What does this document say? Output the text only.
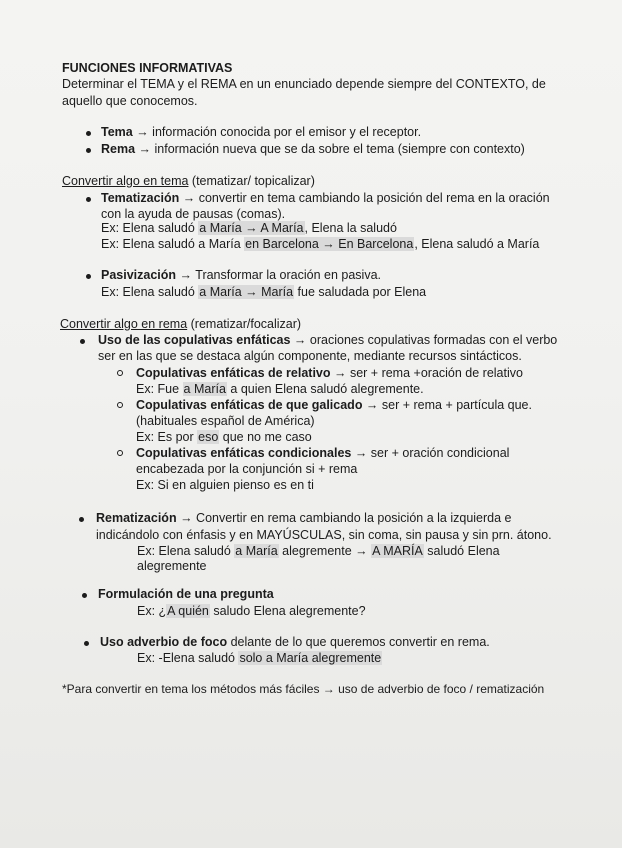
FUNCIONES INFORMATIVAS
Determinar el TEMA y el REMA en un enunciado depende siempre del CONTEXTO, de
aquello que conocemos.
Tema → información conocida por el emisor y el receptor.
Rema → información nueva que se da sobre el tema (siempre con contexto)
Convertir algo en tema (tematizar/ topicalizar)
Tematización → convertir en tema cambiando la posición del rema en la oración
con la ayuda de pausas (comas).
Ex: Elena saludó a María → A María, Elena la saludó
Ex: Elena saludó a María en Barcelona → En Barcelona, Elena saludó a María
Pasivización → Transformar la oración en pasiva.
Ex: Elena saludó a María → María fue saludada por Elena
Convertir algo en rema (rematizar/focalizar)
Uso de las copulativas enfáticas → oraciones copulativas formadas con el verbo
ser en las que se destaca algún componente, mediante recursos sintácticos.
Copulativas enfáticas de relativo → ser + rema +oración de relativo
Ex: Fue a María a quien Elena saludó alegremente.
Copulativas enfáticas de que galicado → ser + rema + partícula que.
(habituales español de América)
Ex: Es por eso que no me caso
Copulativas enfáticas condicionales → ser + oración condicional
encabezada por la conjunción si + rema
Ex: Si en alguien pienso es en ti
Rematización → Convertir en rema cambiando la posición a la izquierda e
indicándolo con énfasis y en MAYÚSCULAS, sin coma, sin pausa y sin prn. átono.
Ex: Elena saludó a María alegremente → A MARÍA saludó Elena
alegremente
Formulación de una pregunta
Ex: ¿A quién saludo Elena alegremente?
Uso adverbio de foco delante de lo que queremos convertir en rema.
Ex: -Elena saludó solo a María alegremente
*Para convertir en tema los métodos más fáciles → uso de adverbio de foco / rematización
